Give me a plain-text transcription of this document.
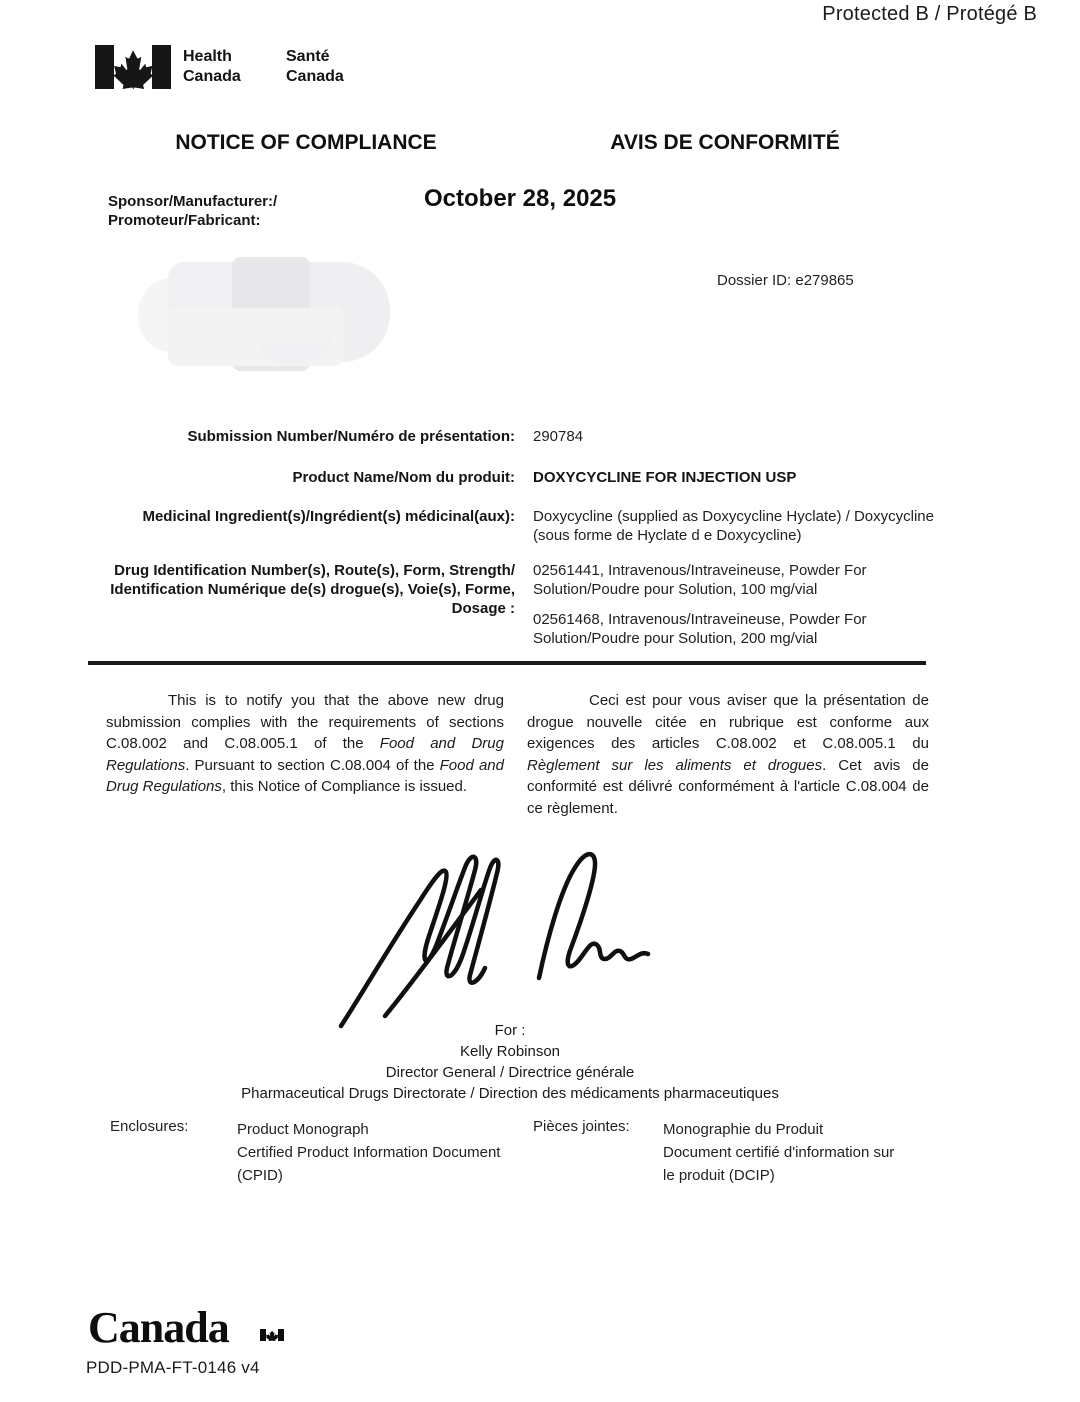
Protected B / Protégé B
Health
Canada
Santé
Canada
NOTICE OF COMPLIANCE	AVIS DE CONFORMITÉ
Sponsor/Manufacturer:/
Promoteur/Fabricant:
October 28, 2025
Dossier ID: e279865
Submission Number/Numéro de présentation: 290784
Product Name/Nom du produit: DOXYCYCLINE FOR INJECTION USP
Medicinal Ingredient(s)/Ingrédient(s) médicinal(aux): Doxycycline (supplied as Doxycycline Hyclate) / Doxycycline (sous forme de Hyclate d e Doxycycline)
Drug Identification Number(s), Route(s), Form, Strength/ Identification Numérique de(s) drogue(s), Voie(s), Forme, Dosage :
02561441, Intravenous/Intraveineuse, Powder For Solution/Poudre pour Solution, 100 mg/vial
02561468, Intravenous/Intraveineuse, Powder For Solution/Poudre pour Solution, 200 mg/vial
This is to notify you that the above new drug submission complies with the requirements of sections C.08.002 and C.08.005.1 of the Food and Drug Regulations. Pursuant to section C.08.004 of the Food and Drug Regulations, this Notice of Compliance is issued.
Ceci est pour vous aviser que la présentation de drogue nouvelle citée en rubrique est conforme aux exigences des articles C.08.002 et C.08.005.1 du Règlement sur les aliments et drogues. Cet avis de conformité est délivré conformément à l'article C.08.004 de ce règlement.
For :
Kelly Robinson
Director General / Directrice générale
Pharmaceutical Drugs Directorate / Direction des médicaments pharmaceutiques
Enclosures:	Product Monograph
Certified Product Information Document (CPID)
Pièces jointes: Monographie du Produit
Document certifié d'information sur le produit (DCIP)
Canada
PDD-PMA-FT-0146 v4
